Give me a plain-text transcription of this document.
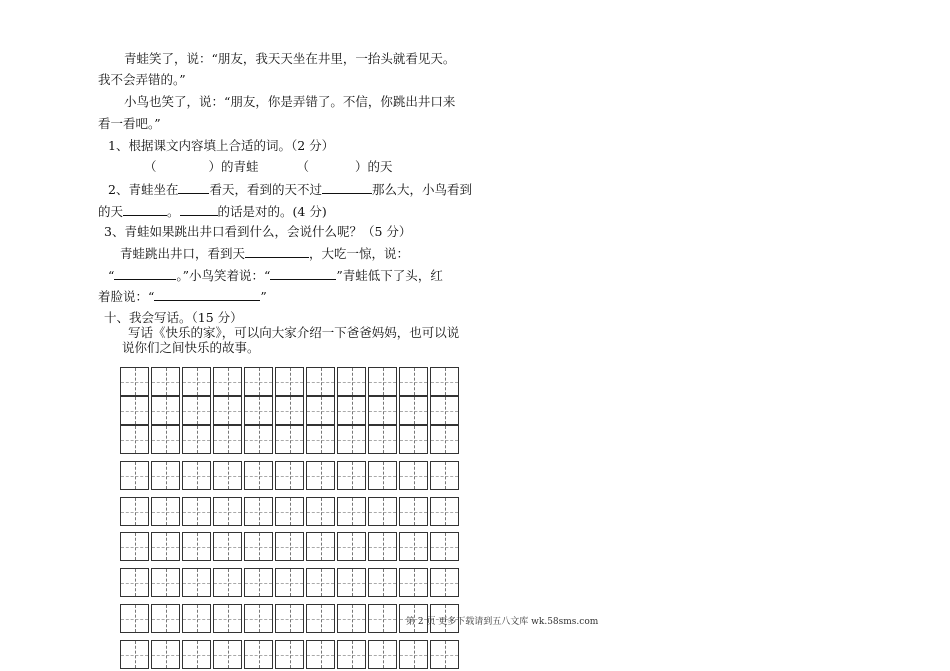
青蛙笑了，说：“朋友，我天天坐在井里，一抬头就看见天。
我不会弄错的。”
小鸟也笑了，说：“朋友，你是弄错了。不信，你跳出井口来
看一看吧。”
1、根据课文内容填上合适的词。（2 分）
（	）的青蛙	（	）的天
2、青蛙坐在 看天，看到的天不过	那么大，小鸟看到
的天	。	的话是对的。(4 分)
3、青蛙如果跳出井口看到什么，会说什么呢？（5 分）
青蛙跳出井口，看到天	，大吃一惊，说：
“	。”小鸟笑着说：“	”青蛙低下了头，红
着脸说：“	”
十、我会写话。（15 分）
写话《快乐的家》，可以向大家介绍一下爸爸妈妈，也可以说
说你们之间快乐的故事。
第 2 页 更多下载请到五八文库 wk.58sms.com
